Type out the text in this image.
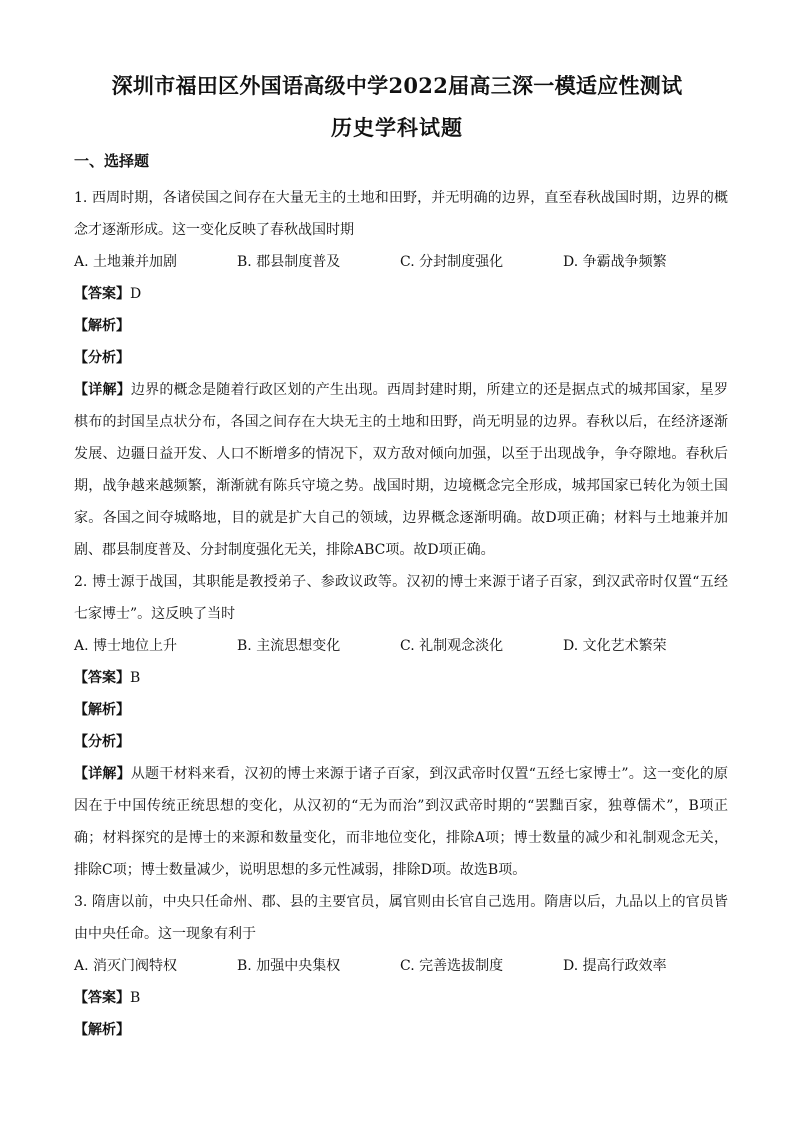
深圳市福田区外国语高级中学2022届高三深一模适应性测试
历史学科试题
一、选择题

1. 西周时期，各诸侯国之间存在大量无主的土地和田野，并无明确的边界，直至春秋战国时期，边界的概念才逐渐形成。这一变化反映了春秋战国时期

A. 土地兼并加剧	B. 郡县制度普及	C. 分封制度强化	D. 争霸战争频繁

【答案】D

【解析】

【分析】

【详解】边界的概念是随着行政区划的产生出现。西周封建时期，所建立的还是据点式的城邦国家，星罗棋布的封国呈点状分布，各国之间存在大块无主的土地和田野，尚无明显的边界。春秋以后，在经济逐渐发展、边疆日益开发、人口不断增多的情况下，双方敌对倾向加强，以至于出现战争，争夺隙地。春秋后期，战争越来越频繁，渐渐就有陈兵守境之势。战国时期，边境概念完全形成，城邦国家已转化为领土国家。各国之间夺城略地，目的就是扩大自己的领域，边界概念逐渐明确。故D项正确；材料与土地兼并加剧、郡县制度普及、分封制度强化无关，排除ABC项。故D项正确。

2. 博士源于战国，其职能是教授弟子、参政议政等。汉初的博士来源于诸子百家，到汉武帝时仅置“五经七家博士”。这反映了当时

A. 博士地位上升	B. 主流思想变化	C. 礼制观念淡化	D. 文化艺术繁荣

【答案】B

【解析】

【分析】

【详解】从题干材料来看，汉初的博士来源于诸子百家，到汉武帝时仅置“五经七家博士”。这一变化的原因在于中国传统正统思想的变化，从汉初的“无为而治”到汉武帝时期的“罢黜百家，独尊儒术”，B项正确；材料探究的是博士的来源和数量变化，而非地位变化，排除A项；博士数量的减少和礼制观念无关，排除C项；博士数量减少，说明思想的多元性减弱，排除D项。故选B项。

3. 隋唐以前，中央只任命州、郡、县的主要官员，属官则由长官自己选用。隋唐以后，九品以上的官员皆由中央任命。这一现象有利于

A. 消灭门阀特权	B. 加强中央集权	C. 完善选拔制度	D. 提高行政效率

【答案】B

【解析】
